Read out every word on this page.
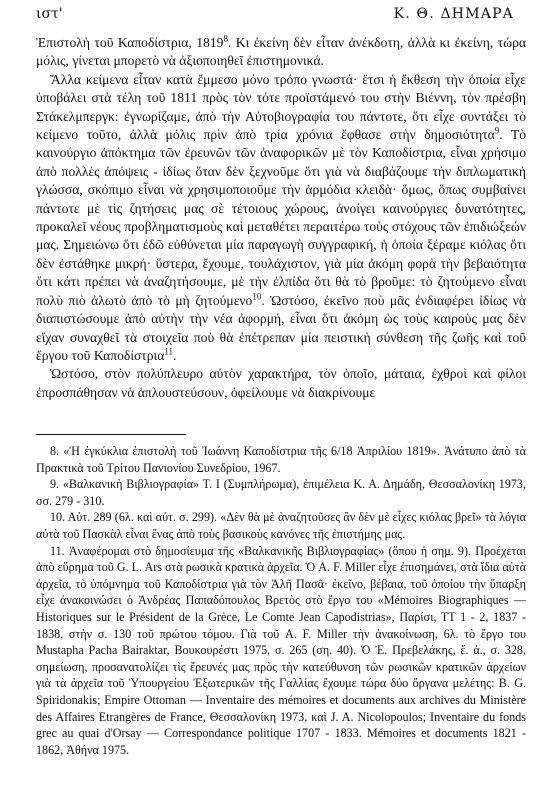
ιστ'	Κ. Θ. ΔΗΜΑΡΑ

Ἐπιστολὴ τοῦ Καποδίστρια, 1819$^8$. Κι ἐκείνη δὲν εἶταν ἀνέκδοτη, ἀλλὰ κι ἐκείνη, τώρα μόλις, γίνεται μπορετὸ νὰ ἀξιοποιηθεῖ ἐπιστημονικά.

Ἄλλα κείμενα εἶταν κατὰ ἔμμεσο μόνο τρόπο γνωστά· ἔτσι ἡ ἔκθεση τὴν ὁποία εἶχε ὑποβάλει στὰ τέλη τοῦ 1811 πρὸς τὸν τότε προϊστάμενό του στὴν Βιέννη, τὸν πρέσβη Στάκελμπεργκ: ἐγνωρίζαμε, ἀπὸ τὴν Αὐτοβιογραφία του πάντοτε, ὅτι εἶχε συντάξει τὸ κείμενο τοῦτο, ἀλλὰ μόλις πρὶν ἀπὸ τρία χρόνια ἔφθασε στὴν δημοσιότητα$^9$. Τὸ καινούργιο ἀπόκτημα τῶν ἐρευνῶν τῶν ἀναφορικῶν μὲ τὸν Καποδίστρια, εἶναι χρήσιμο ἀπὸ πολλὲς ἀπόψεις - ἰδίως ὅταν δὲν ξεχνοῦμε ὅτι γιὰ νὰ διαβάζουμε τὴν διπλωματικὴ γλώσσα, σκόπιμο εἶναι νὰ χρησιμοποιοῦμε τὴν ἁρμόδια κλειδὰ· ὅμως, ὅπως συμβαίνει πάντοτε μὲ τὶς ζητήσεις μας σὲ τέτοιους χώρους, ἀνοίγει καινούργιες δυνατότητες, προκαλεῖ νέους προβληματισμοὺς καὶ μεταθέτει περαιτέρω τοὺς στόχους τῶν ἐπιδιώξεών μας. Σημειώνω ὅτι ἐδῶ εὐθύνεται μία παραγωγὴ συγγραφική, ἡ ὁποία ξέραμε κιόλας ὅτι δὲν ἐστάθηκε μικρή· ὕστερα, ἔχουμε, τουλάχιστον, γιὰ μία ἀκόμη φορὰ τὴν βεβαιότητα ὅτι κάτι πρέπει νὰ ἀναζητήσουμε, μὲ τὴν ἐλπίδα ὅτι θὰ τὸ βροῦμε: τὸ ζητούμενο εἶναι πολὺ πιὸ ἀλωτὸ ἀπὸ τὸ μὴ ζητούμενο$^{10}$. Ὡστόσο, ἐκεῖνο ποὺ μᾶς ἐνδιαφέρει ἰδίως νὰ διαπιστώσουμε ἀπὸ αὐτὴν τὴν νέα ἀφορμή, εἶναι ὅτι ἀκόμη ὡς τοὺς καιροὺς μας δὲν εἴχαν συναχθεῖ τὰ στοιχεῖα ποὺ θὰ ἐπέτρεπαν μία πειστικὴ σύνθεση τῆς ζωῆς καὶ τοῦ ἔργου τοῦ Καποδίστρια$^{11}$.

Ὡστόσο, στὸν πολύπλευρο αὐτὸν χαρακτήρα, τὸν ὁποῖο, μάταια, ἐχθροὶ καὶ φίλοι ἐπροσπάθησαν νὰ ἁπλουστεύσουν, ὀφείλουμε νὰ διακρίνουμε

8. «Ἡ ἐγκύκλια ἐπιστολὴ τοῦ Ἰωάννη Καποδίστρια τῆς 6/18 Ἀπριλίου 1819». Ἀνάτυπο ἀπὸ τὰ Πρακτικὰ τοῦ Τρίτου Πανιονίου Συνεδρίου, 1967.

9. «Βαλκανικὴ Βιβλιογραφία» Τ. Ι (Συμπλήρωμα), ἐπιμέλεια Κ. Α. Δημάδη, Θεσσαλονίκη 1973, σσ. 279 - 310.

10. Αὐτ. 289 (6λ. καὶ αὐτ. σ. 299). «Δὲν θὰ μὲ ἀναζητοῦσες ἂν δὲν μὲ εἶχες κιόλας βρεῖ» τὰ λόγια αὐτὰ τοῦ Πασκὰλ εἶναι ἕνας ἀπὸ τοὺς βασικοὺς κανόνες τῆς ἐπιστήμης μας.

11. Ἀναφέρομαι στὸ δημοσίευμα τῆς «Βαλκανικῆς Βιβλιογραφίας» (ὅπου ἡ σημ. 9). Προέχεται ἀπὸ εὕρημα τοῦ G. L. Ars στὰ ρωσικὰ κρατικὰ ἀρχεῖα. Ὁ A. F. Miller εἶχε ἐπισημάνει, στὰ ἴδια αὐτὰ ἀρχεῖα, τὸ ὑπόμνημα τοῦ Καποδίστρια γιὰ τὸν Ἀλῆ Πασᾶ· ἐκεῖνο, βέβαια, τοῦ ὁποίου τὴν ὕπαρξη εἶχε ἀνακοινώσει ὁ Ἀνδρέας Παπαδόπουλος Βρετὸς στὸ ἔργο του «Mémoires Biographiques — Historiques sur le Président de la Grèce, Le Comte Jean Capodistrias», Παρίσι, ΤΤ 1 - 2, 1837 - 1838, στὴν σ. 130 τοῦ πρώτου τόμου. Γιὰ τοῦ A. F. Miller τὴν ἀνακοίνωση, 6λ. τὸ ἔργο του Mustapha Pacha Bairaktar, Βουκουρέστι 1975, σ. 265 (ση. 40). Ὁ Ἐ. Πρεβελάκης, ἔ. ἀ., σ. 328, σημείωση, προσανατολίζει τὶς ἔρευνές μας πρὸς τὴν κατεύθυνση τῶν ρωσικῶν κρατικῶν ἀρχείων γιὰ τὰ ἀρχεῖα τοῦ Ὑπουργείου Ἐξωτερικῶν τῆς Γαλλίας ἔχουμε τώρα δύο ὄργανα μελέτης: B. G. Spiridonakis; Empire Ottoman — Inventaire des mémoires et documents aux archives du Ministère des Affaires Etrangères de France, Θεσσαλονίκη 1973, καὶ J. A. Nicolopoulos; Inventaire du fonds grec au quai d'Orsay — Correspondance politique 1707 - 1833. Mémoires et documents 1821 - 1862, Ἀθήνα 1975.
